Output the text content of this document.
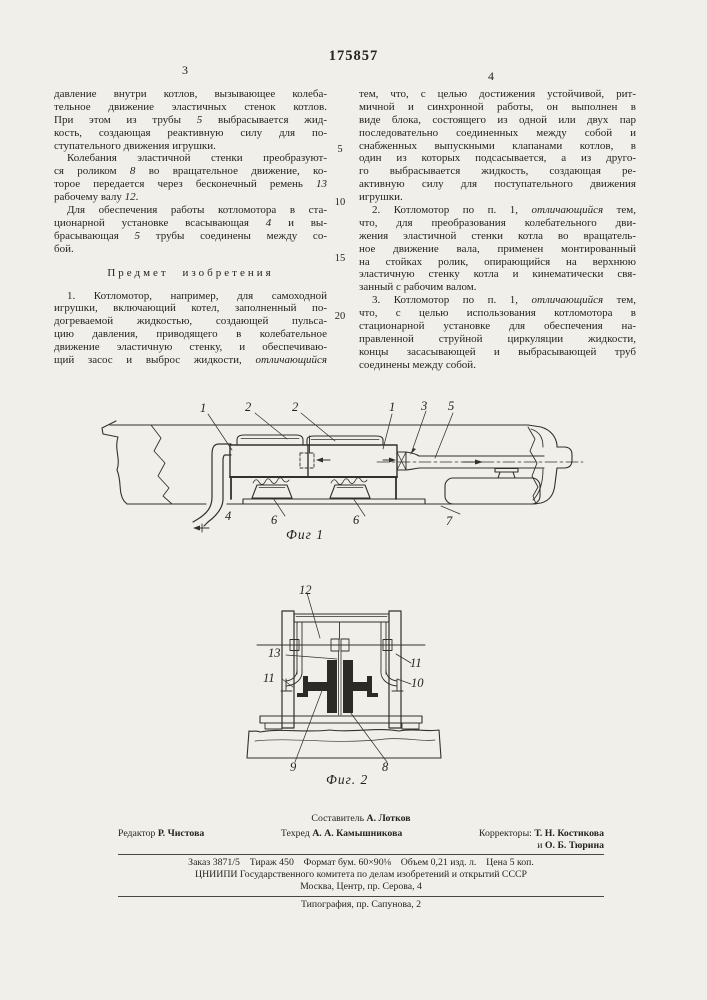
175857
3	4
давление внутри котлов, вызывающее колеба-
тельное движение эластичных стенок котлов.
При этом из трубы 5 выбрасывается жид-
кость, создающая реактивную силу для по-
ступательного движения игрушки.
Колебания эластичной стенки преобразуют-
ся роликом 8 во вращательное движение, ко-
торое передается через бесконечный ремень 13
рабочему валу 12.
Для обеспечения работы котломотора в ста-
ционарной установке всасывающая 4 и вы-
брасывающая 5 трубы соединены между со-
бой.
Предмет изобретения
1. Котломотор, например, для самоходной
игрушки, включающий котел, заполненный по-
догреваемой жидкостью, создающей пульса-
цию давления, приводящего в колебательное
движение эластичную стенку, и обеспечиваю-
щий засос и выброс жидкости, отличающийся
тем, что, с целью достижения устойчивой, рит-
мичной и синхронной работы, он выполнен в
виде блока, состоящего из одной или двух пар
последовательно соединенных между собой и
снабженных выпускными клапанами котлов, в
один из которых подсасывается, а из друго-
го выбрасывается жидкость, создающая ре-
активную силу для поступательного движения
игрушки.
2. Котломотор по п. 1, отличающийся тем,
что, для преобразования колебательного дви-
жения эластичной стенки котла во вращатель-
ное движение вала, применен монтированный
на стойках ролик, опирающийся на верхнюю
эластичную стенку котла и кинематически свя-
занный с рабочим валом.
3. Котломотор по п. 1, отличающийся тем,
что, с целью использования котломотора в
стационарной установке для обеспечения на-
правленной струйной циркуляции жидкости,
концы засасывающей и выбрасывающей труб
соединены между собой.
Фиг 1
Фиг. 2
1	2	2	1 3 5
4	6	6	7
12
13
11
11
10
9	8
5
10
15
20
Составитель А. Лотков
Редактор Р. Чистова	Техред А. А. Камышникова	Корректоры: Т. Н. Костикова
и О. Б. Тюрина
Заказ 3871/5 Тираж 450 Формат бум. 60×90⅛ Объем 0,21 изд. л. Цена 5 коп.
ЦНИИПИ Государственного комитета по делам изобретений и открытий СССР
Москва, Центр, пр. Серова, 4
Типография, пр. Сапунова, 2
